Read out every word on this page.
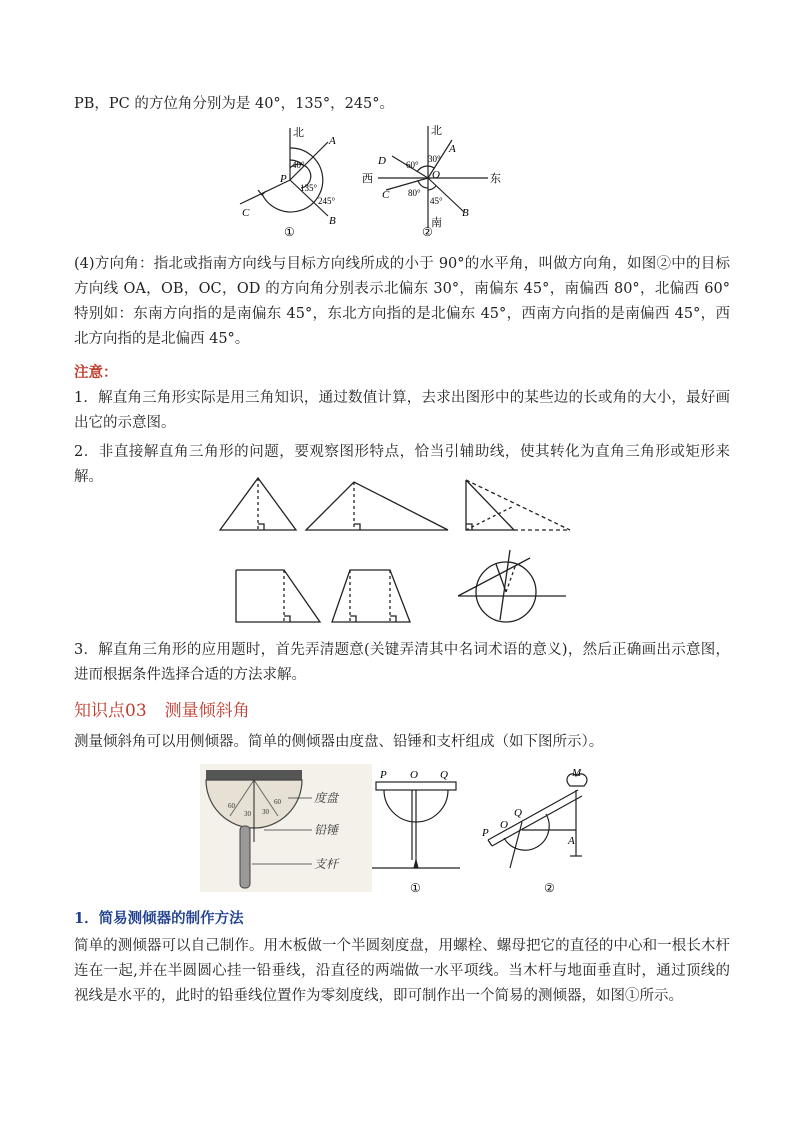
PB，PC 的方位角分别为是 40°，135°，245°。

北
A
B
C
P
40°
135°
245°
①
北
南
东
西
A
B
C
D
O
30°
60°
80°
45°
②

(4)方向角：指北或指南方向线与目标方向线所成的小于 90°的水平角，叫做方向角，如图②中的目标方向线 OA，OB，OC，OD 的方向角分别表示北偏东 30°，南偏东 45°，南偏西 80°，北偏西 60°特别如：东南方向指的是南偏东 45°，东北方向指的是北偏东 45°，西南方向指的是南偏西 45°，西北方向指的是北偏西 45°。

注意：

1．解直角三角形实际是用三角知识，通过数值计算，去求出图形中的某些边的长或角的大小，最好画出它的示意图。

2．非直接解直角三角形的问题，要观察图形特点，恰当引辅助线，使其转化为直角三角形或矩形来解。

3．解直角三角形的应用题时，首先弄清题意(关键弄清其中名词术语的意义)，然后正确画出示意图，进而根据条件选择合适的方法求解。

知识点03 测量倾斜角

测量倾斜角可以用侧倾器。简单的侧倾器由度盘、铅锤和支杆组成（如下图所示）。

60
30 30
60	度盘
铅锤
支杆
P O Q
①
P
O
Q
M
A
②

1．简易测倾器的制作方法

简单的测倾器可以自己制作。用木板做一个半圆刻度盘，用螺栓、螺母把它的直径的中心和一根长木杆连在一起,并在半圆圆心挂一铅垂线，沿直径的两端做一水平项线。当木杆与地面垂直时，通过顶线的视线是水平的，此时的铅垂线位置作为零刻度线，即可制作出一个简易的测倾器，如图①所示。
